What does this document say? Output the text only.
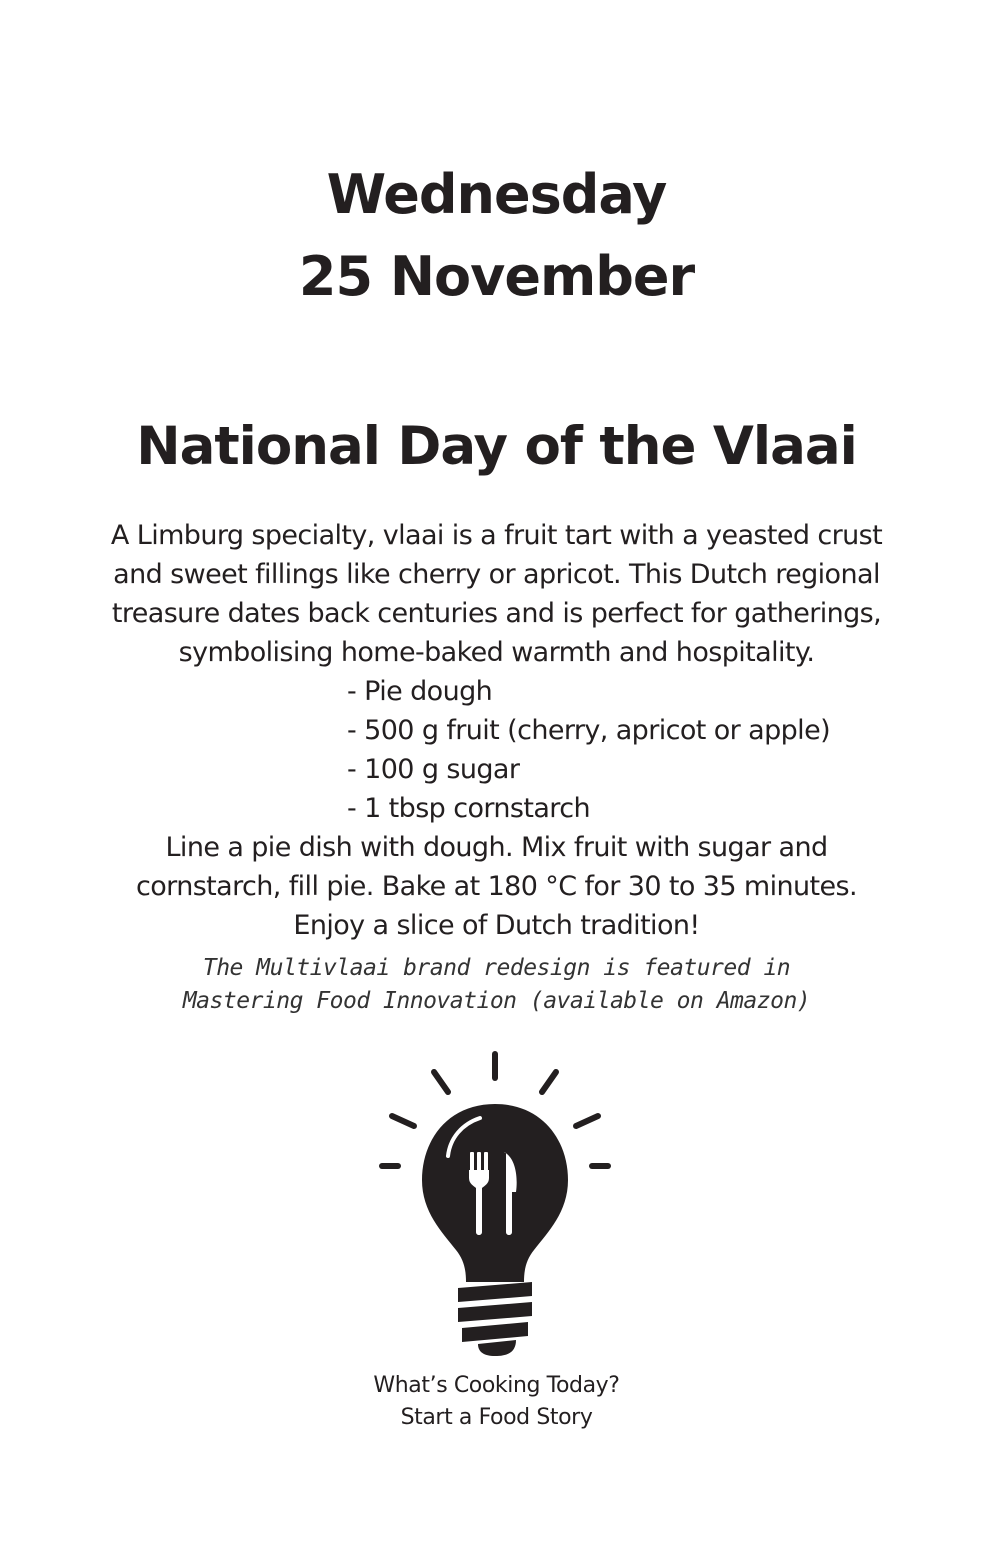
Wednesday
25 November
National Day of the Vlaai

A Limburg specialty, vlaai is a fruit tart with a yeasted crust
and sweet fillings like cherry or apricot. This Dutch regional
treasure dates back centuries and is perfect for gatherings,
symbolising home-baked warmth and hospitality.

- Pie dough
- 500 g fruit (cherry, apricot or apple)
- 100 g sugar
- 1 tbsp cornstarch

Line a pie dish with dough. Mix fruit with sugar and
cornstarch, fill pie. Bake at 180 °C for 30 to 35 minutes.
Enjoy a slice of Dutch tradition!

The Multivlaai brand redesign is featured in
Mastering Food Innovation (available on Amazon)

What’s Cooking Today?
Start a Food Story
